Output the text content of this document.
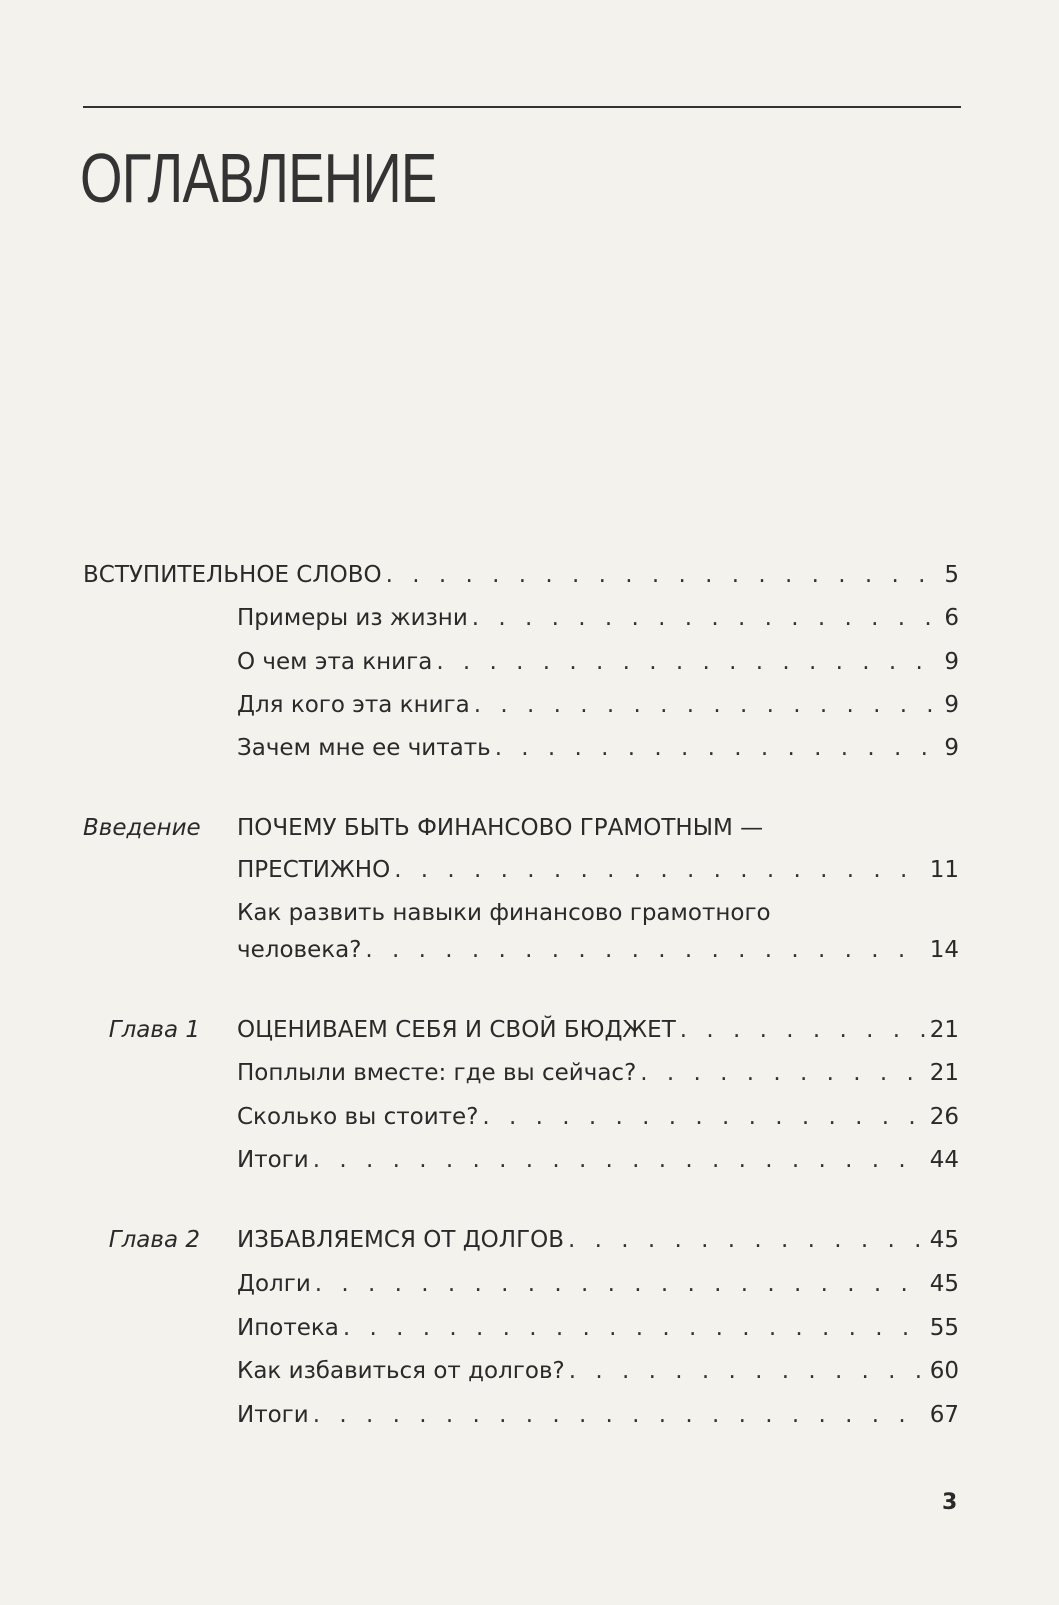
ОГЛАВЛЕНИЕ
ВСТУПИТЕЛЬНОЕ СЛОВО . . .	5
Примеры из жизни . . .	6
О чем эта книга . . .	9
Для кого эта книга . . .	9
Зачем мне ее читать . . .	9
Введение ПОЧЕМУ БЫТЬ ФИНАНСОВО ГРАМОТНЫМ —
ПРЕСТИЖНО . . .	11
Как развить навыки финансово грамотного
человека? . . .	14
Глава 1 ОЦЕНИВАЕМ СЕБЯ И СВОЙ БЮДЖЕТ . . .	21
Поплыли вместе: где вы сейчас? . . .	21
Сколько вы стоите? . . .	26
Итоги . . .	44
Глава 2 ИЗБАВЛЯЕМСЯ ОТ ДОЛГОВ . . .	45
Долги . . .	45
Ипотека . . .	55
Как избавиться от долгов? . . .	60
Итоги . . .	67
3
